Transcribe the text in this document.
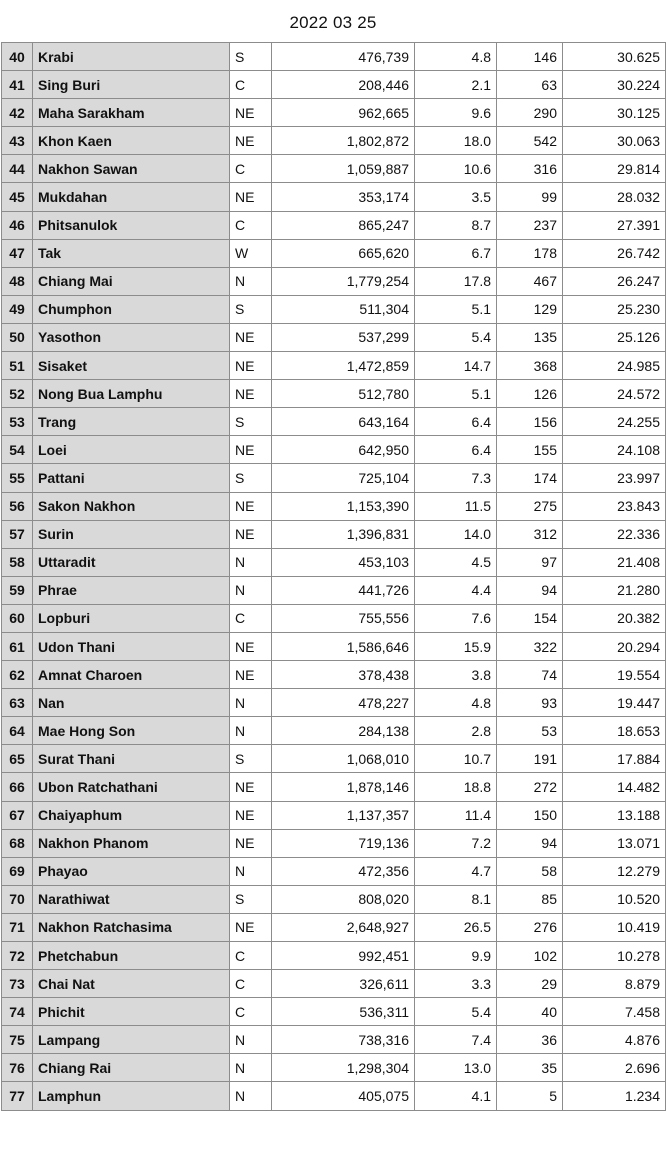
2022 03 25
40	Krabi	S	476,739	4.8	146	30.625
41	Sing Buri	C	208,446	2.1	63	30.224
42	Maha Sarakham	NE	962,665	9.6	290	30.125
43	Khon Kaen	NE	1,802,872	18.0	542	30.063
44	Nakhon Sawan	C	1,059,887	10.6	316	29.814
45	Mukdahan	NE	353,174	3.5	99	28.032
46	Phitsanulok	C	865,247	8.7	237	27.391
47	Tak	W	665,620	6.7	178	26.742
48	Chiang Mai	N	1,779,254	17.8	467	26.247
49	Chumphon	S	511,304	5.1	129	25.230
50	Yasothon	NE	537,299	5.4	135	25.126
51	Sisaket	NE	1,472,859	14.7	368	24.985
52	Nong Bua Lamphu	NE	512,780	5.1	126	24.572
53	Trang	S	643,164	6.4	156	24.255
54	Loei	NE	642,950	6.4	155	24.108
55	Pattani	S	725,104	7.3	174	23.997
56	Sakon Nakhon	NE	1,153,390	11.5	275	23.843
57	Surin	NE	1,396,831	14.0	312	22.336
58	Uttaradit	N	453,103	4.5	97	21.408
59	Phrae	N	441,726	4.4	94	21.280
60	Lopburi	C	755,556	7.6	154	20.382
61	Udon Thani	NE	1,586,646	15.9	322	20.294
62	Amnat Charoen	NE	378,438	3.8	74	19.554
63	Nan	N	478,227	4.8	93	19.447
64	Mae Hong Son	N	284,138	2.8	53	18.653
65	Surat Thani	S	1,068,010	10.7	191	17.884
66	Ubon Ratchathani	NE	1,878,146	18.8	272	14.482
67	Chaiyaphum	NE	1,137,357	11.4	150	13.188
68	Nakhon Phanom	NE	719,136	7.2	94	13.071
69	Phayao	N	472,356	4.7	58	12.279
70	Narathiwat	S	808,020	8.1	85	10.520
71	Nakhon Ratchasima	NE	2,648,927	26.5	276	10.419
72	Phetchabun	C	992,451	9.9	102	10.278
73	Chai Nat	C	326,611	3.3	29	8.879
74	Phichit	C	536,311	5.4	40	7.458
75	Lampang	N	738,316	7.4	36	4.876
76	Chiang Rai	N	1,298,304	13.0	35	2.696
77	Lamphun	N	405,075	4.1	5	1.234
